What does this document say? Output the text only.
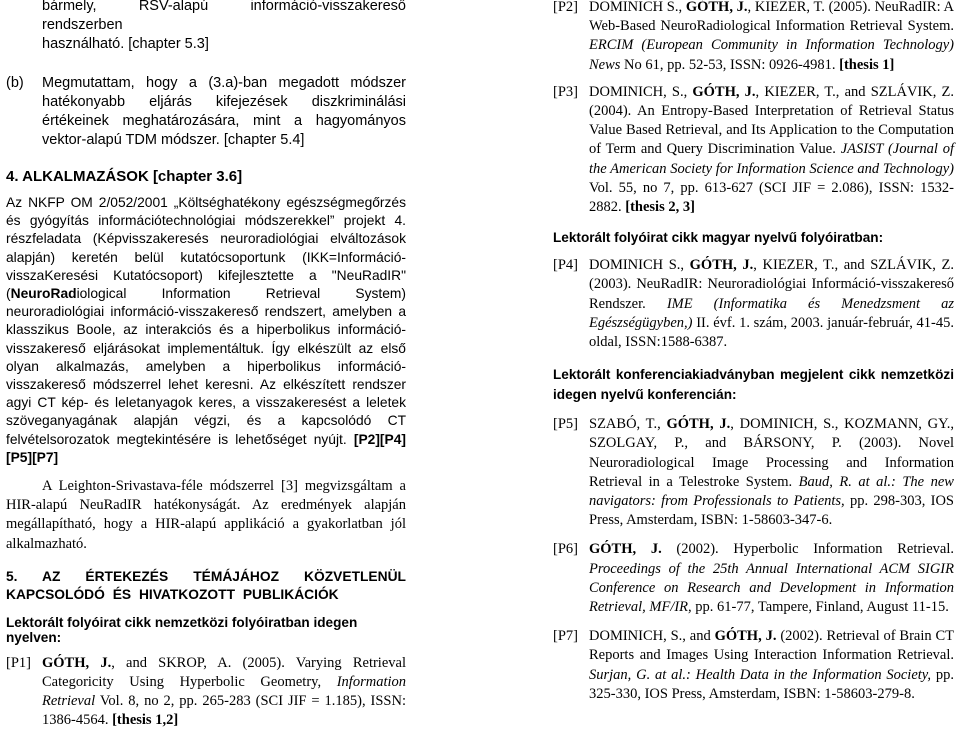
bármely, RSV-alapú információ-visszakereső rendszerben
használható. [chapter 5.3]
(b) Megmutattam, hogy a (3.a)-ban megadott módszer hatékonyabb eljárás kifejezések diszkriminálási értékeinek meghatározására, mint a hagyományos vektor-alapú TDM módszer. [chapter 5.4]

4. ALKALMAZÁSOK [chapter 3.6]

Az NKFP OM 2/052/2001 „Költséghatékony egészségmegőrzés és gyógyítás információtechnológiai módszerekkel” projekt 4. részfeladata (Képvisszakeresés neuroradiológiai elváltozások alapján) keretén belül kutatócsoportunk (IKK=Információ-visszaKeresési Kutatócsoport) kifejlesztette a "NeuRadIR" (NeuroRadiological Information Retrieval System) neuroradiológiai információ-visszakereső rendszert, amelyben a klasszikus Boole, az interakciós és a hiperbolikus információ-visszakereső eljárásokat implementáltuk. Így elkészült az első olyan alkalmazás, amelyben a hiperbolikus információ-visszakereső módszerrel lehet keresni. Az elkészített rendszer agyi CT kép- és leletanyagok keres, a visszakeresést a leletek szöveganyagának alapján végzi, és a kapcsolódó CT felvételsorozatok megtekintésére is lehetőséget nyújt. [P2][P4][P5][P7]

A Leighton-Srivastava-féle módszerrel [3] megvizsgáltam a HIR-alapú NeuRadIR hatékonyságát. Az eredmények alapján megállapítható, hogy a HIR-alapú applikáció a gyakorlatban jól alkalmazható.

5. AZ ÉRTEKEZÉS TÉMÁJÁHOZ KÖZVETLENÜL KAPCSOLÓDÓ ÉS HIVATKOZOTT PUBLIKÁCIÓK
Lektorált folyóirat cikk nemzetközi folyóiratban idegen nyelven:
[P1] GÓTH, J., and SKROP, A. (2005). Varying Retrieval Categoricity Using Hyperbolic Geometry, Information Retrieval Vol. 8, no 2, pp. 265-283 (SCI JIF = 1.185), ISSN: 1386-4564. [thesis 1,2]
[P2] DOMINICH S., GÓTH, J., KIEZER, T. (2005). NeuRadIR: A Web-Based NeuroRadiological Information Retrieval System. ERCIM (European Community in Information Technology) News No 61, pp. 52-53, ISSN: 0926-4981. [thesis 1]
[P3] DOMINICH, S., GÓTH, J., KIEZER, T., and SZLÁVIK, Z. (2004). An Entropy-Based Interpretation of Retrieval Status Value Based Retrieval, and Its Application to the Computation of Term and Query Discrimination Value. JASIST (Journal of the American Society for Information Science and Technology) Vol. 55, no 7, pp. 613-627 (SCI JIF = 2.086), ISSN: 1532-2882. [thesis 2, 3]
Lektorált folyóirat cikk magyar nyelvű folyóiratban:
[P4] DOMINICH S., GÓTH, J., KIEZER, T., and SZLÁVIK, Z. (2003). NeuRadIR: Neuroradiológiai Információ-visszakereső Rendszer. IME (Informatika és Menedzsment az Egészségügyben,) II. évf. 1. szám, 2003. január-február, 41-45. oldal, ISSN:1588-6387.
Lektorált konferenciakiadványban megjelent cikk nemzetközi idegen nyelvű konferencián:
[P5] SZABÓ, T., GÓTH, J., DOMINICH, S., KOZMANN, GY., SZOLGAY, P., and BÁRSONY, P. (2003). Novel Neuroradiological Image Processing and Information Retrieval in a Telestroke System. Baud, R. at al.: The new navigators: from Professionals to Patients, pp. 298-303, IOS Press, Amsterdam, ISBN: 1-58603-347-6.
[P6] GÓTH, J. (2002). Hyperbolic Information Retrieval. Proceedings of the 25th Annual International ACM SIGIR Conference on Research and Development in Information Retrieval, MF/IR, pp. 61-77, Tampere, Finland, August 11-15.
[P7] DOMINICH, S., and GÓTH, J. (2002). Retrieval of Brain CT Reports and Images Using Interaction Information Retrieval. Surjan, G. at al.: Health Data in the Information Society, pp. 325-330, IOS Press, Amsterdam, ISBN: 1-58603-279-8.
